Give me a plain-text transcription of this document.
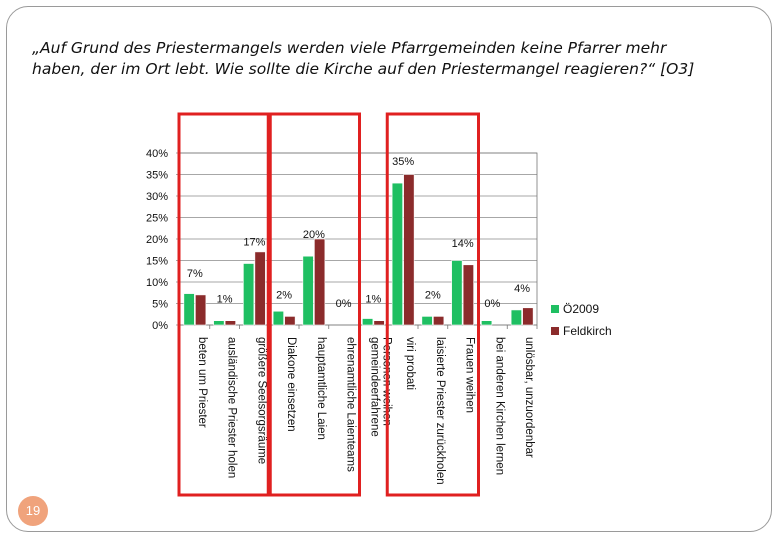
„Auf Grund des Priestermangels werden viele Pfarrgemeinden keine Pfarrer mehr
haben, der im Ort lebt. Wie sollte die Kirche auf den Priestermangel reagieren?“ [O3]
19
0%
5%
10%
15%
20%
25%
30%
35%
40%
7%
1%
17%
2%
20%
0% 1%
35%
2%
14%
0%
4%
beten um Priester ausländische Priester holen größere Seelsorgsräume Diakone einsetzen hauptamtliche Laien ehrenamtliche Laienteams gemeindeerfahrene Personen weihen viri probati laisierte Priester zurückholen Frauen weihen bei anderen Kirchen lernen unlösbar, unzuordenbar
Ö2009
Feldkirch
